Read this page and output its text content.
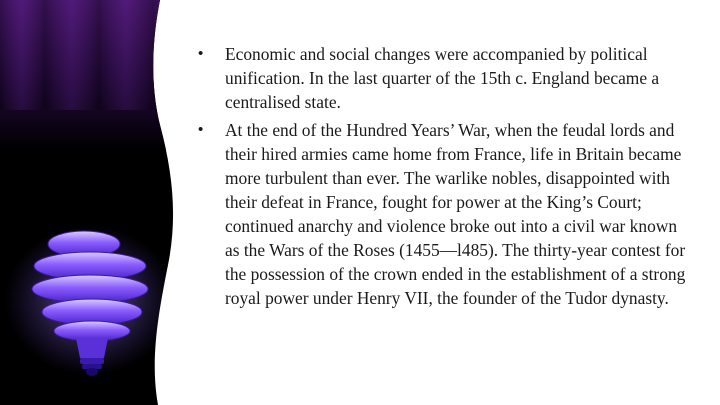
• Economic and social changes were accompanied by political unification. In the last quarter of the 15th c. England became a centralised state.
• At the end of the Hundred Years’ War, when the feudal lords and their hired armies came home from France, life in Britain became more turbulent than ever. The warlike nobles, disappointed with their defeat in France, fought for power at the King’s Court; continued anarchy and violence broke out into a civil war known as the Wars of the Roses (1455—l485). The thirty-year contest for the possession of the crown ended in the establishment of a strong royal power under Henry VII, the founder of the Tudor dynasty.
